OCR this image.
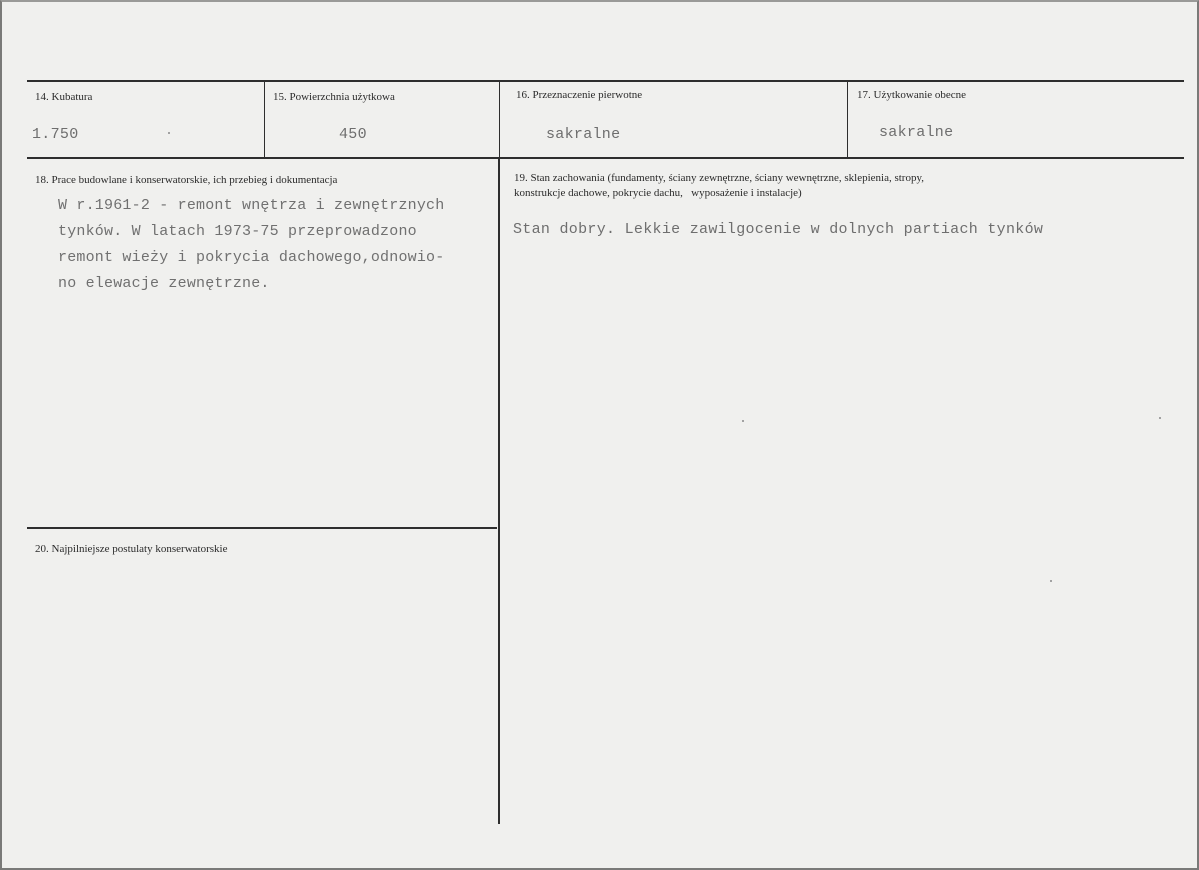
14. Kubatura
1.750
15. Powierzchnia użytkowa
450
16. Przeznaczenie pierwotne
sakralne
17. Użytkowanie obecne
sakralne
18. Prace budowlane i konserwatorskie, ich przebieg i dokumentacja
W r.1961-2 - remont wnętrza i zewnętrznych
tynków. W latach 1973-75 przeprowadzono
remont wieży i pokrycia dachowego,odnowio-
no elewacje zewnętrzne.
19. Stan zachowania (fundamenty, ściany zewnętrzne, ściany wewnętrzne, sklepienia, stropy,
konstrukcje dachowe, pokrycie dachu,   wyposażenie i instalacje)
Stan dobry. Lekkie zawilgocenie w dolnych partiach tynków
20. Najpilniejsze postulaty konserwatorskie
